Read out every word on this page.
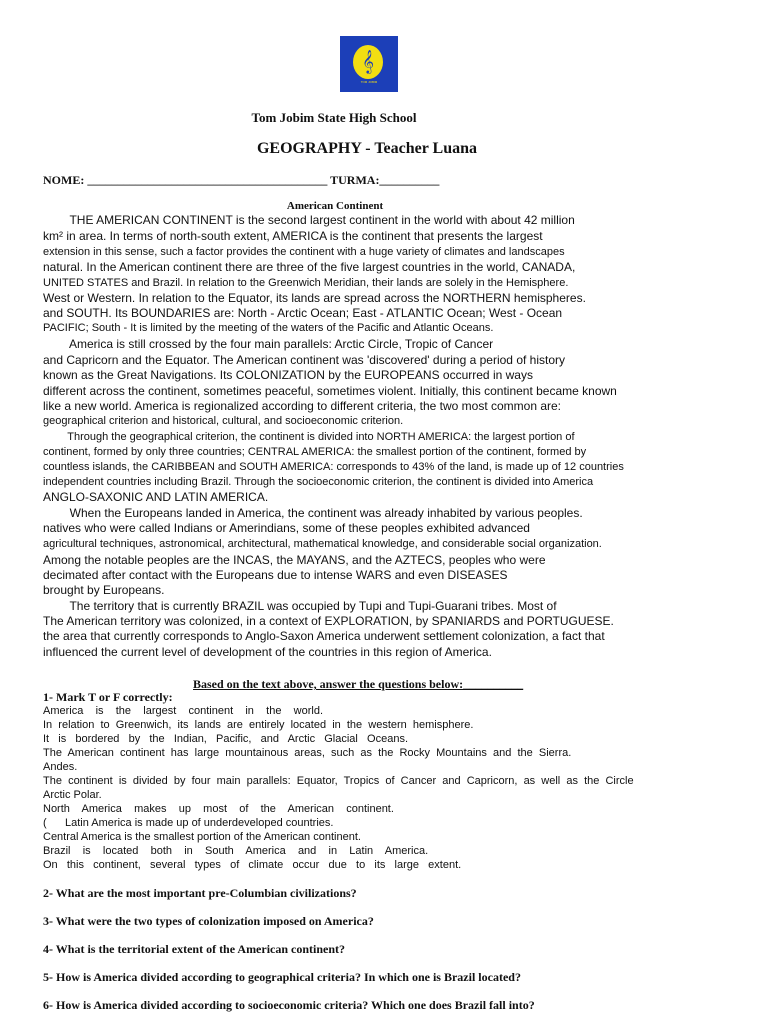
𝄞
TOM JOBIM
Tom Jobim State High School
GEOGRAPHY - Teacher Luana
NOME: ________________________________________ TURMA:__________
American Continent
THE AMERICAN CONTINENT is the second largest continent in the world with about 42 million
km² in area. In terms of north-south extent, AMERICA is the continent that presents the largest
extension in this sense, such a factor provides the continent with a huge variety of climates and landscapes
natural. In the American continent there are three of the five largest countries in the world, CANADA,
UNITED STATES and Brazil. In relation to the Greenwich Meridian, their lands are solely in the Hemisphere.
West or Western. In relation to the Equator, its lands are spread across the NORTHERN hemispheres.
and SOUTH. Its BOUNDARIES are: North - Arctic Ocean; East - ATLANTIC Ocean; West - Ocean
PACIFIC; South - It is limited by the meeting of the waters of the Pacific and Atlantic Oceans.
America is still crossed by the four main parallels: Arctic Circle, Tropic of Cancer
and Capricorn and the Equator. The American continent was 'discovered' during a period of history
known as the Great Navigations. Its COLONIZATION by the EUROPEANS occurred in ways
different across the continent, sometimes peaceful, sometimes violent. Initially, this continent became known
like a new world. America is regionalized according to different criteria, the two most common are:
geographical criterion and historical, cultural, and socioeconomic criterion.
Through the geographical criterion, the continent is divided into NORTH AMERICA: the largest portion of
continent, formed by only three countries; CENTRAL AMERICA: the smallest portion of the continent, formed by
countless islands, the CARIBBEAN and SOUTH AMERICA: corresponds to 43% of the land, is made up of 12 countries
independent countries including Brazil. Through the socioeconomic criterion, the continent is divided into America
ANGLO-SAXONIC AND LATIN AMERICA.
When the Europeans landed in America, the continent was already inhabited by various peoples.
natives who were called Indians or Amerindians, some of these peoples exhibited advanced
agricultural techniques, astronomical, architectural, mathematical knowledge, and considerable social organization.
Among the notable peoples are the INCAS, the MAYANS, and the AZTECS, peoples who were
decimated after contact with the Europeans due to intense WARS and even DISEASES
brought by Europeans.
The territory that is currently BRAZIL was occupied by Tupi and Tupi-Guarani tribes. Most of
The American territory was colonized, in a context of EXPLORATION, by SPANIARDS and PORTUGUESE.
the area that currently corresponds to Anglo-Saxon America underwent settlement colonization, a fact that
influenced the current level of development of the countries in this region of America.
Based on the text above, answer the questions below:__________
1- Mark T or F correctly:
America    is    the    largest    continent    in    the    world.
In  relation  to  Greenwich,  its  lands  are  entirely  located  in  the  western  hemisphere.
It   is   bordered   by   the   Indian,   Pacific,   and   Arctic   Glacial   Oceans.
The  American  continent  has  large  mountainous  areas,  such  as  the  Rocky  Mountains  and  the  Sierra.
Andes.
The  continent  is  divided  by  four  main  parallels:  Equator,  Tropics  of  Cancer  and  Capricorn,  as  well  as  the  Circle
Arctic Polar.
North    America    makes    up    most    of    the    American    continent.
(      Latin America is made up of underdeveloped countries.
Central America is the smallest portion of the American continent.
Brazil    is    located    both    in    South    America    and    in    Latin    America.
On   this   continent,   several   types   of   climate   occur   due   to   its   large   extent.
2- What are the most important pre-Columbian civilizations?
3- What were the two types of colonization imposed on America?
4- What is the territorial extent of the American continent?
5- How is America divided according to geographical criteria? In which one is Brazil located?
6- How is America divided according to socioeconomic criteria? Which one does Brazil fall into?
